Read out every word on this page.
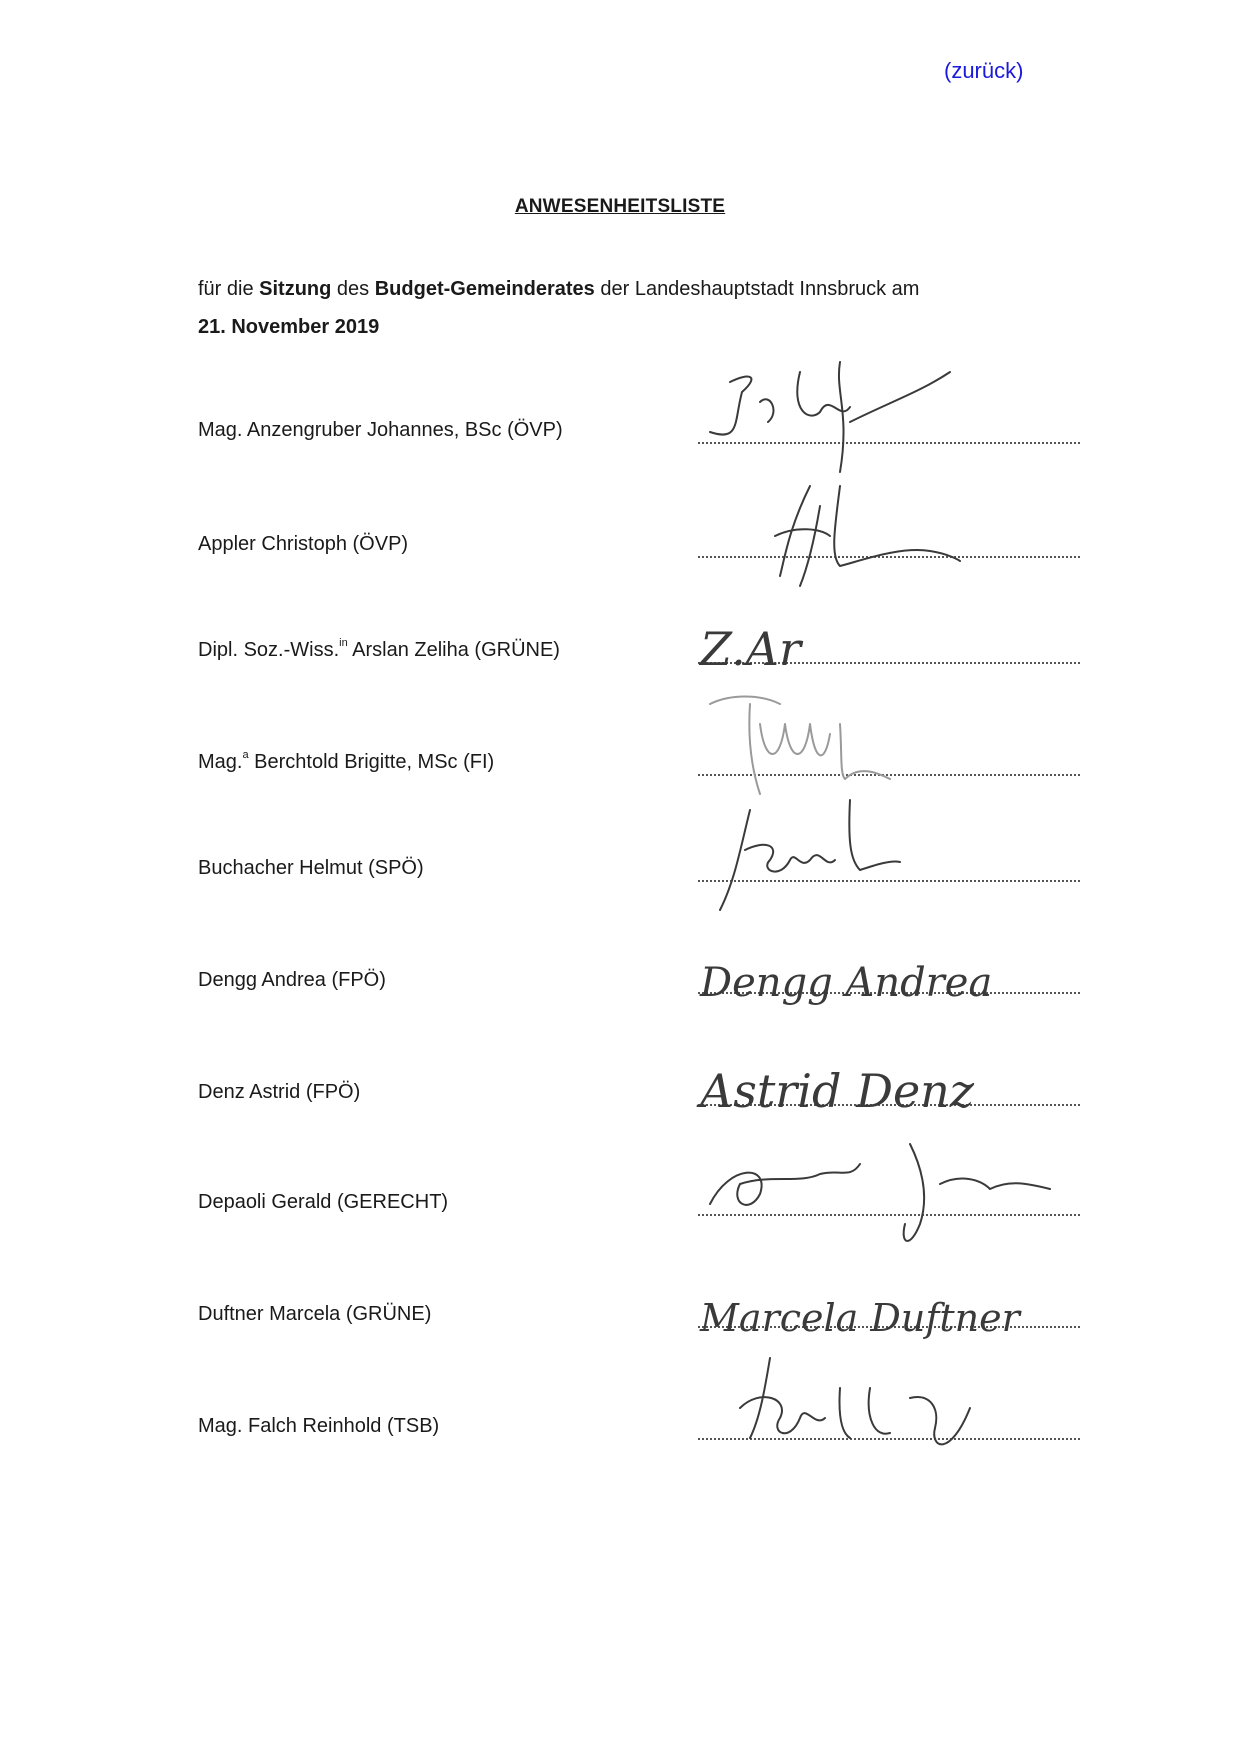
(zurück)
ANWESENHEITSLISTE
für die Sitzung des Budget-Gemeinderates der Landeshauptstadt Innsbruck am
21. November 2019
Mag. Anzengruber Johannes, BSc (ÖVP)
Appler Christoph (ÖVP)
Dipl. Soz.-Wiss.$^{in}$ Arslan Zeliha (GRÜNE)	Z.Ar
Mag.$^a$ Berchtold Brigitte, MSc (FI)
Buchacher Helmut (SPÖ)
Dengg Andrea (FPÖ)	Dengg Andrea
Denz Astrid (FPÖ)	Astrid Denz
Depaoli Gerald (GERECHT)
Duftner Marcela (GRÜNE)	Marcela Duftner
Mag. Falch Reinhold (TSB)
